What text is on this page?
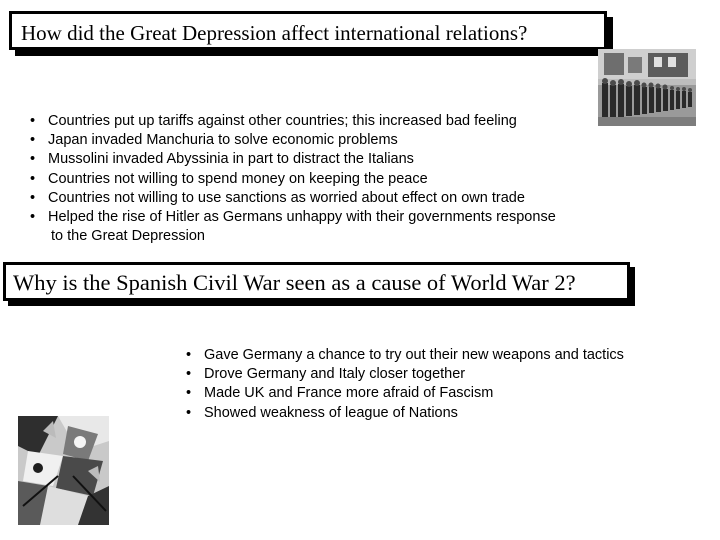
How did the Great Depression affect international relations?
• Countries put up tariffs against other countries; this increased bad feeling
• Japan invaded Manchuria to solve economic problems
• Mussolini invaded Abyssinia in part to distract the Italians
• Countries not willing to spend money on keeping the peace
• Countries not willing to use sanctions as worried about effect on own trade
• Helped the rise of Hitler as Germans unhappy with their governments response
to the Great Depression
Why is the Spanish Civil War seen as a cause of World War 2?
• Gave Germany a chance to try out their new weapons and tactics
• Drove Germany and Italy closer together
• Made UK and France more afraid of Fascism
• Showed weakness of league of Nations
